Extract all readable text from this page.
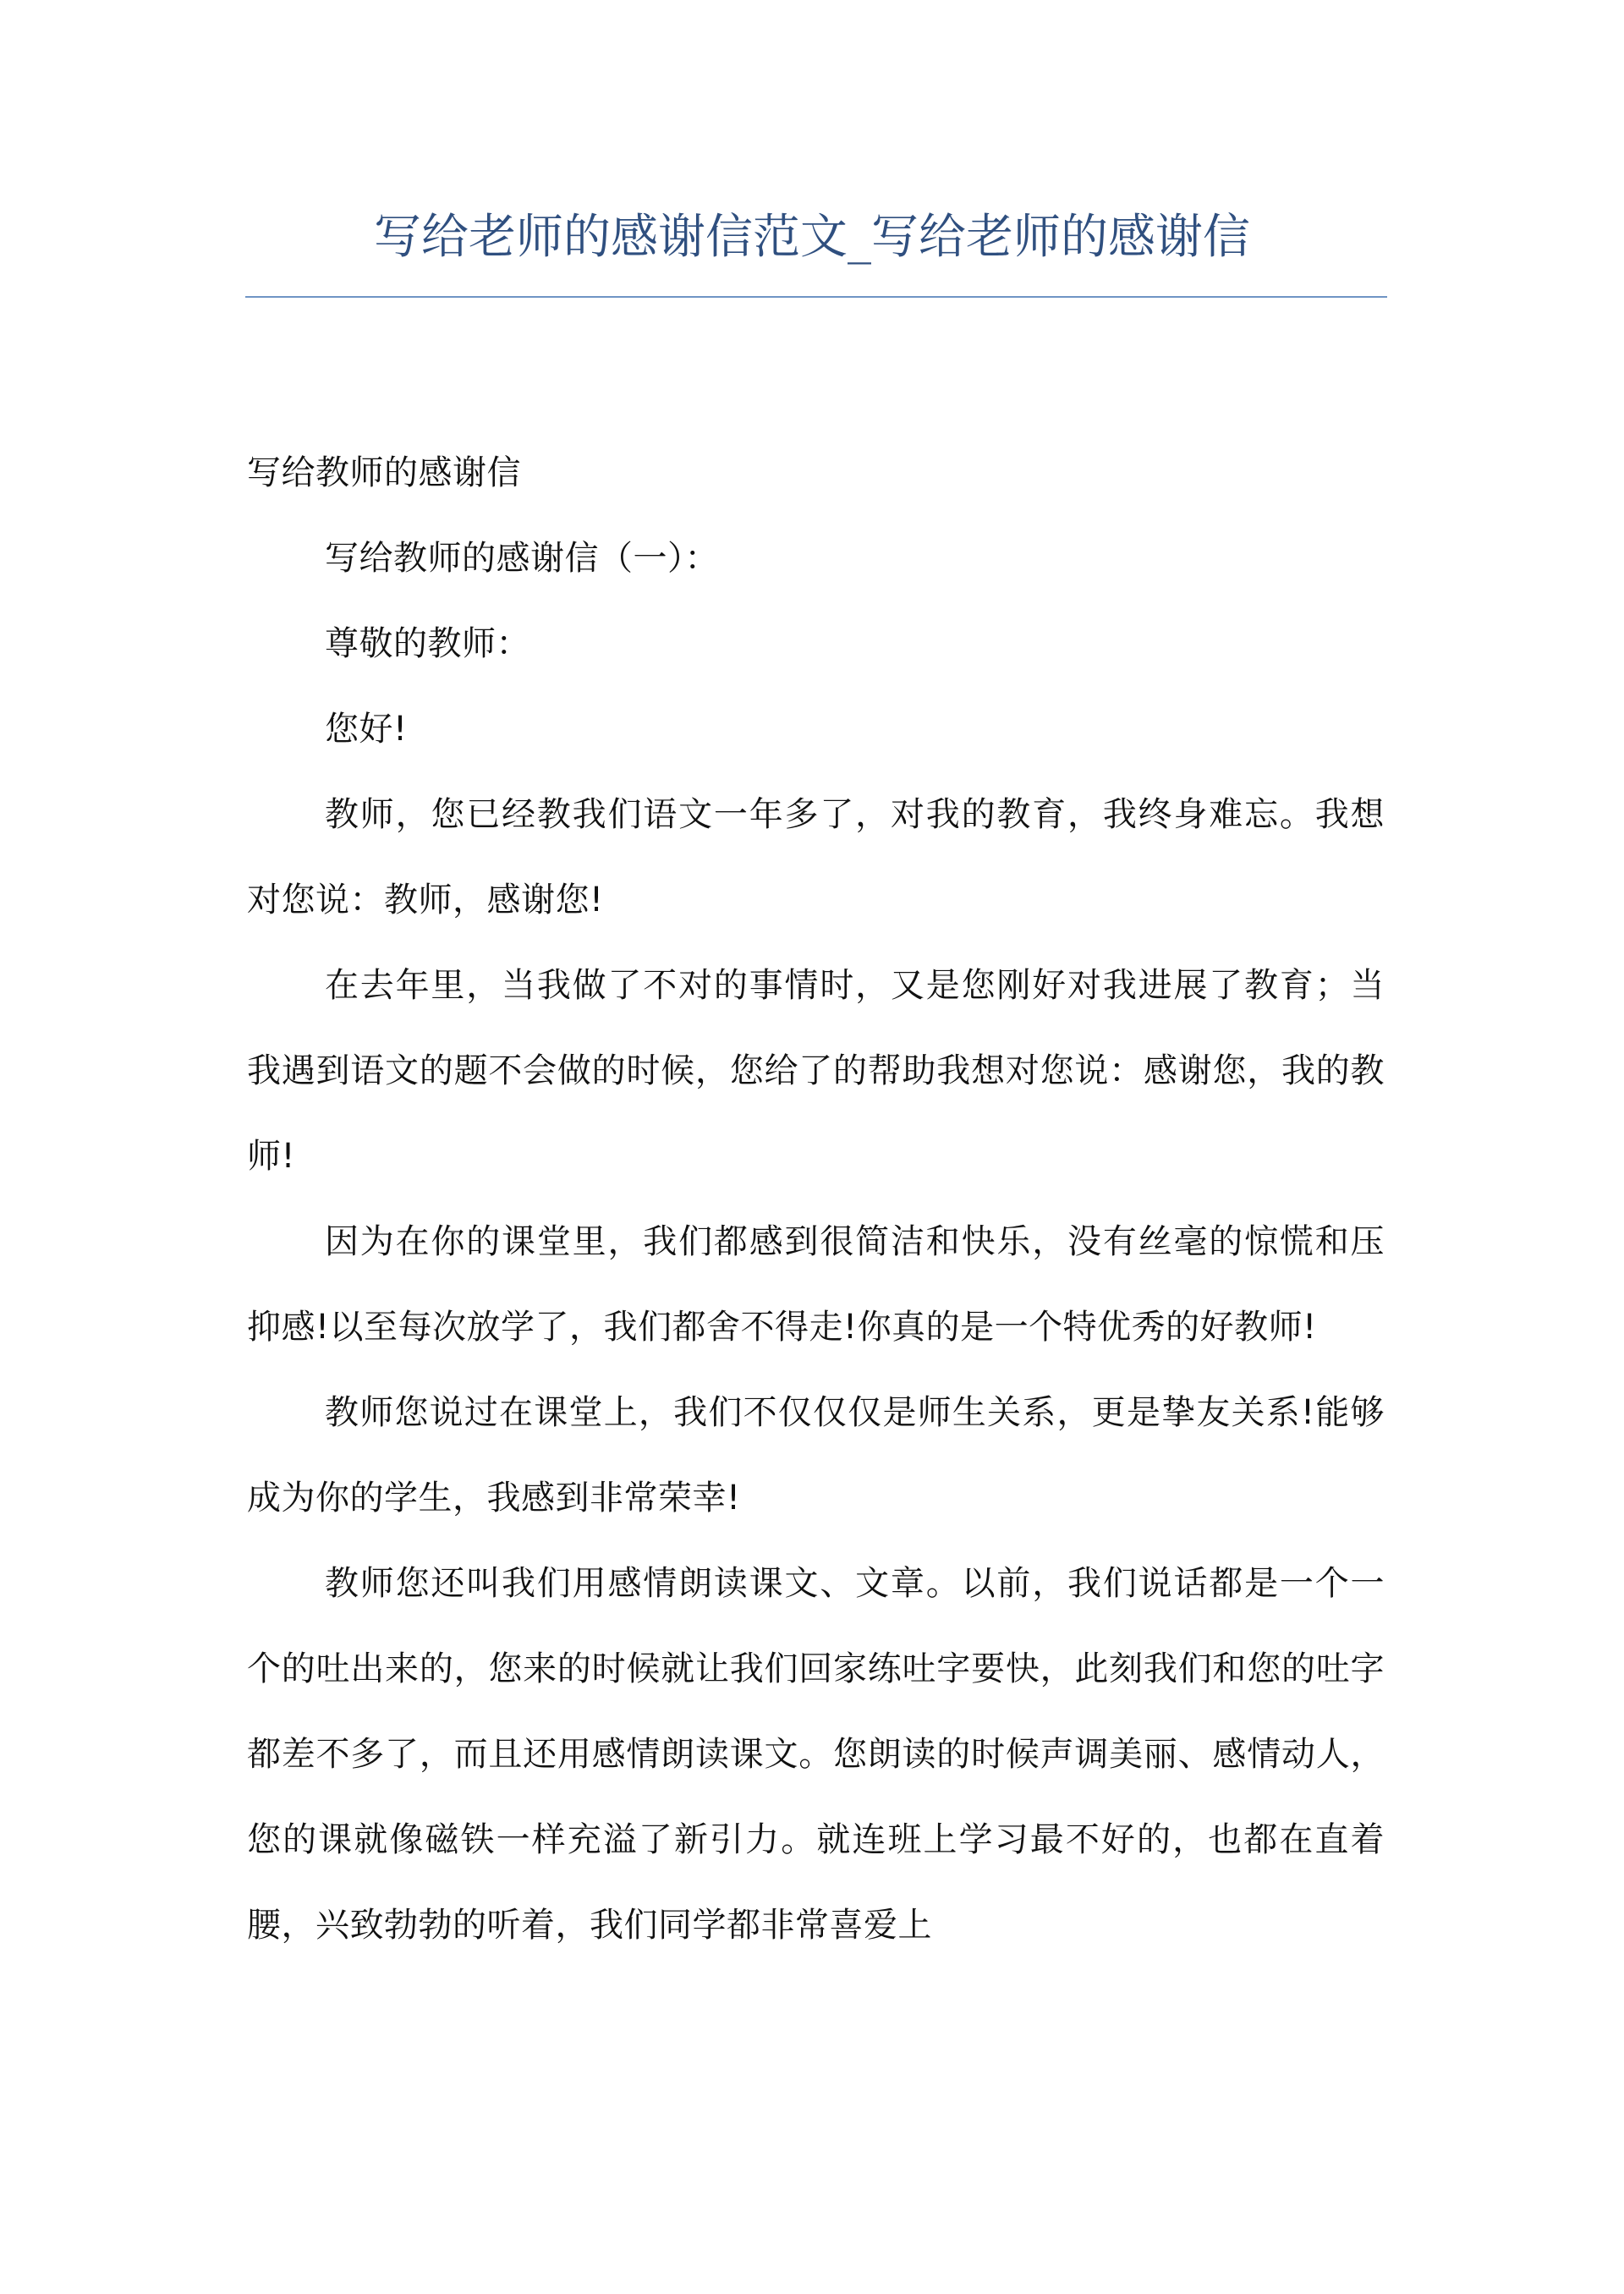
写给老师的感谢信范文_写给老师的感谢信

写给教师的感谢信

写给教师的感谢信（一）：

尊敬的教师：

您好!

教师，您已经教我们语文一年多了，对我的教育，我终身难忘。我想对您说：教师，感谢您!

在去年里，当我做了不对的事情时，又是您刚好对我进展了教育；当我遇到语文的题不会做的时候，您给了的帮助我想对您说：感谢您，我的教师!

因为在你的课堂里，我们都感到很简洁和快乐，没有丝毫的惊慌和压抑感!以至每次放学了，我们都舍不得走!你真的是一个特优秀的好教师!

教师您说过在课堂上，我们不仅仅仅是师生关系，更是挚友关系!能够成为你的学生，我感到非常荣幸!

教师您还叫我们用感情朗读课文、文章。以前，我们说话都是一个一个的吐出来的，您来的时候就让我们回家练吐字要快，此刻我们和您的吐字都差不多了，而且还用感情朗读课文。您朗读的时候声调美丽、感情动人，您的课就像磁铁一样充溢了新引力。就连班上学习最不好的，也都在直着腰，兴致勃勃的听着，我们同学都非常喜爱上
